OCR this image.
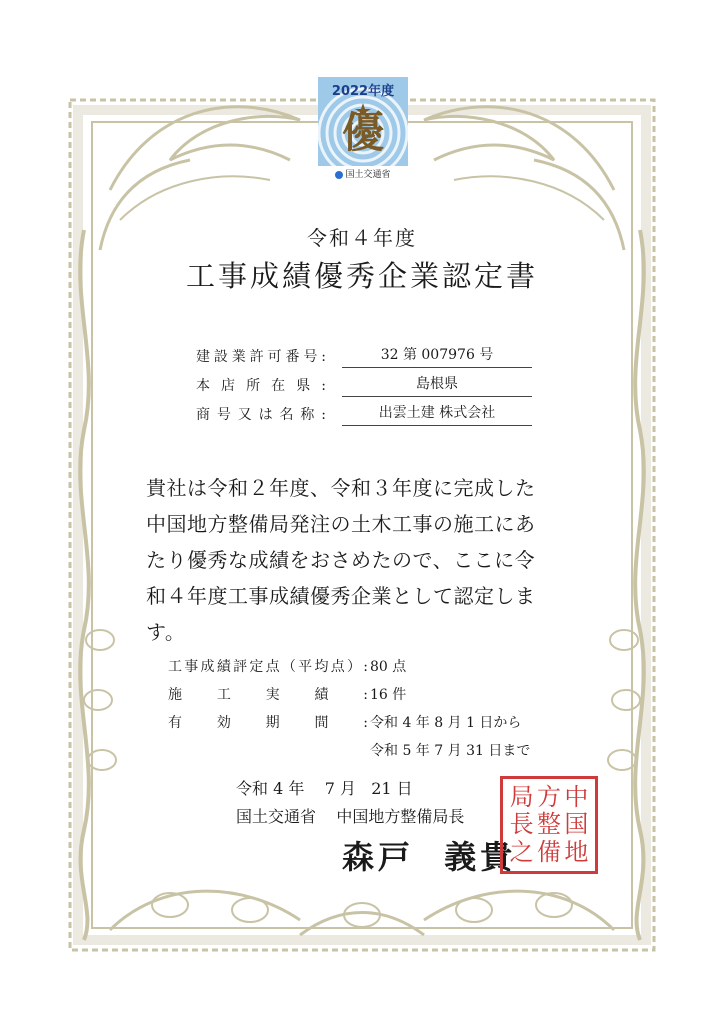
2022年度
優
国土交通省
令和４年度
工事成績優秀企業認定書
建設業許可番号:	32 第 007976 号
本店所在県:	島根県
商号又は名称:	出雲土建 株式会社
貴社は令和２年度、令和３年度に完成した
中国地方整備局発注の土木工事の施工にあ
たり優秀な成績をおさめたので、ここに令
和４年度工事成績優秀企業として認定しま
す。
工事成績評定点（平均点）: 80 点
施工実績: 16 件
有効期間: 令和 4 年 8 月 1 日から
令和 5 年 7 月 31 日まで
令和 4 年    7 月   21 日
国土交通省    中国地方整備局長
森戸  義貴
中
国
地
方
整
備
局
長
之
